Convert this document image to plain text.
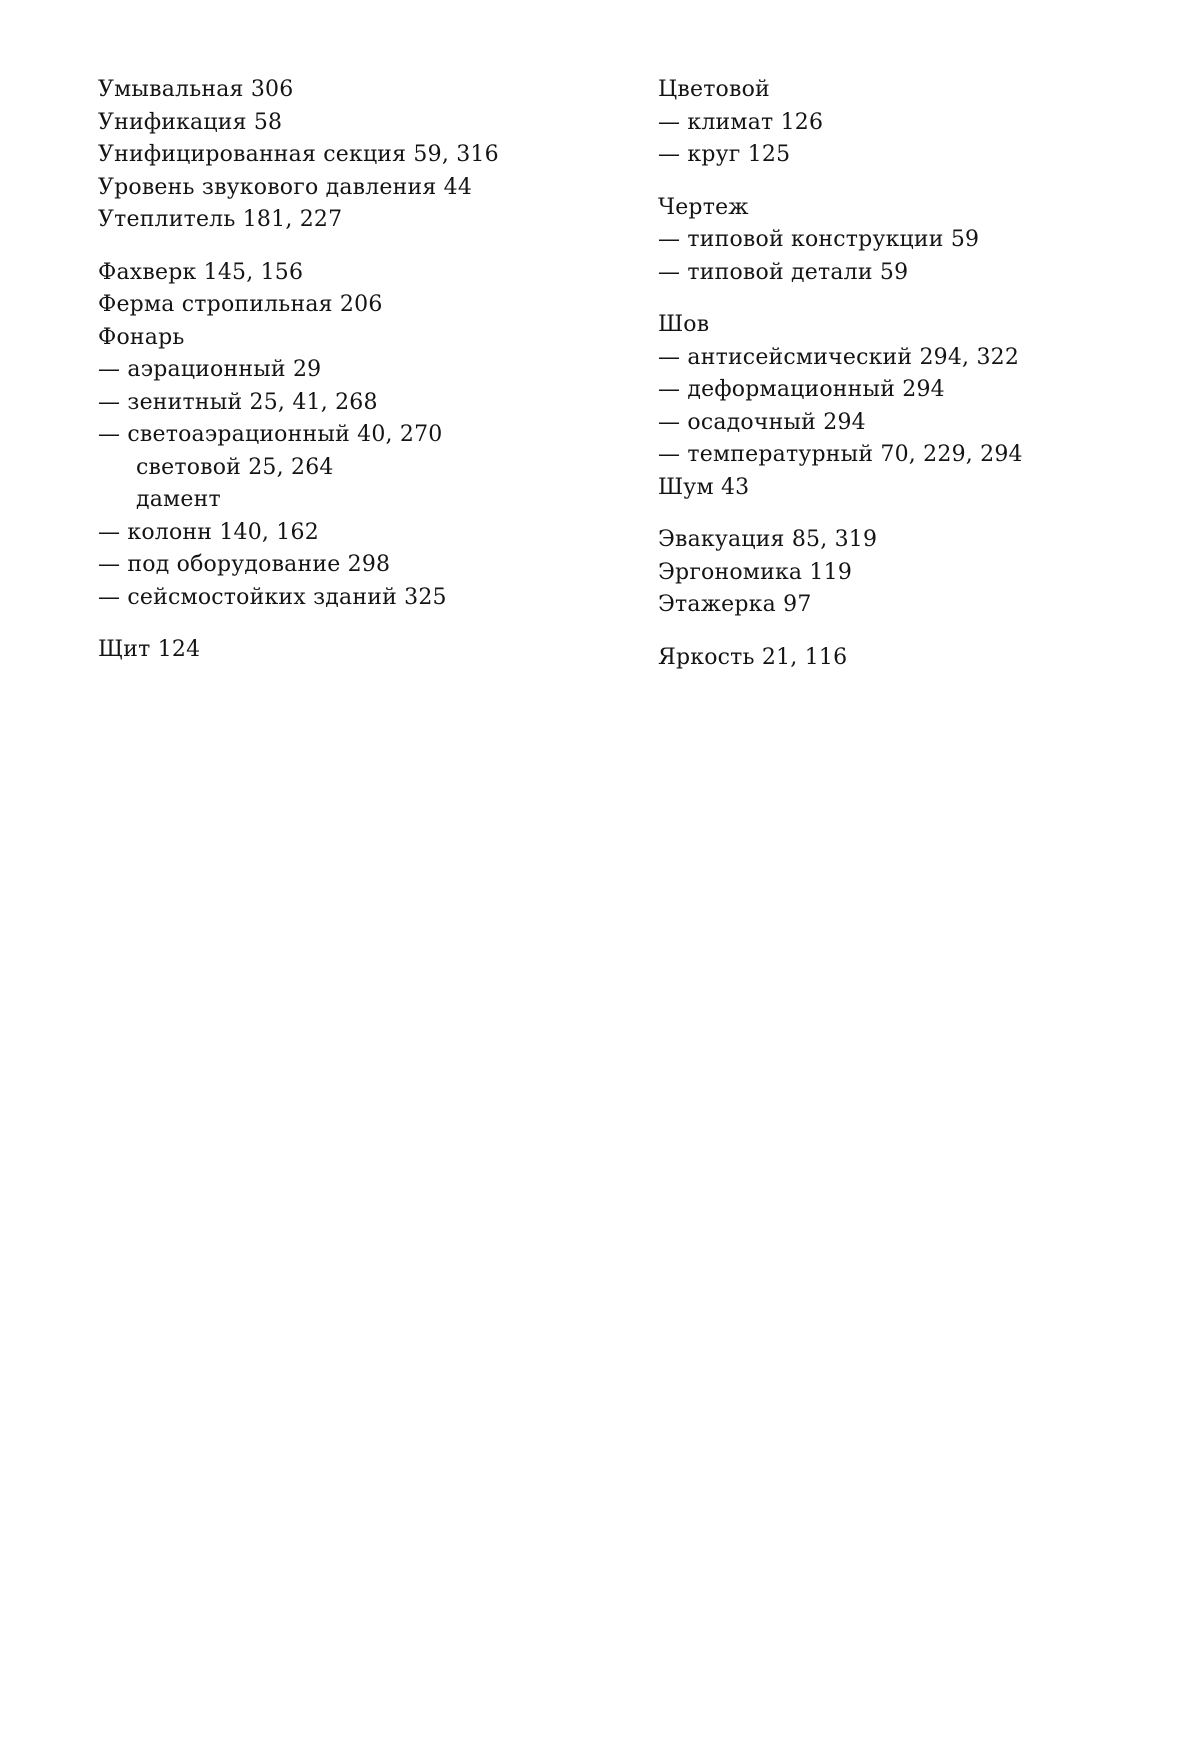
Умывальная 306
Унификация 58
Унифицированная секция 59, 316
Уровень звукового давления 44
Утеплитель 181, 227
Фахверк 145, 156
Ферма стропильная 206
Фонарь
— аэрационный 29
— зенитный 25, 41, 268
— светоаэрационный 40, 270
световой 25, 264
дамент
— колонн 140, 162
— под оборудование 298
— сейсмостойких зданий 325
Щит 124
Цветовой
— климат 126
— круг 125
Чертеж
— типовой конструкции 59
— типовой детали 59
Шов
— антисейсмический 294, 322
— деформационный 294
— осадочный 294
— температурный 70, 229, 294
Шум 43
Эвакуация 85, 319
Эргономика 119
Этажерка 97
Яркость 21, 116
